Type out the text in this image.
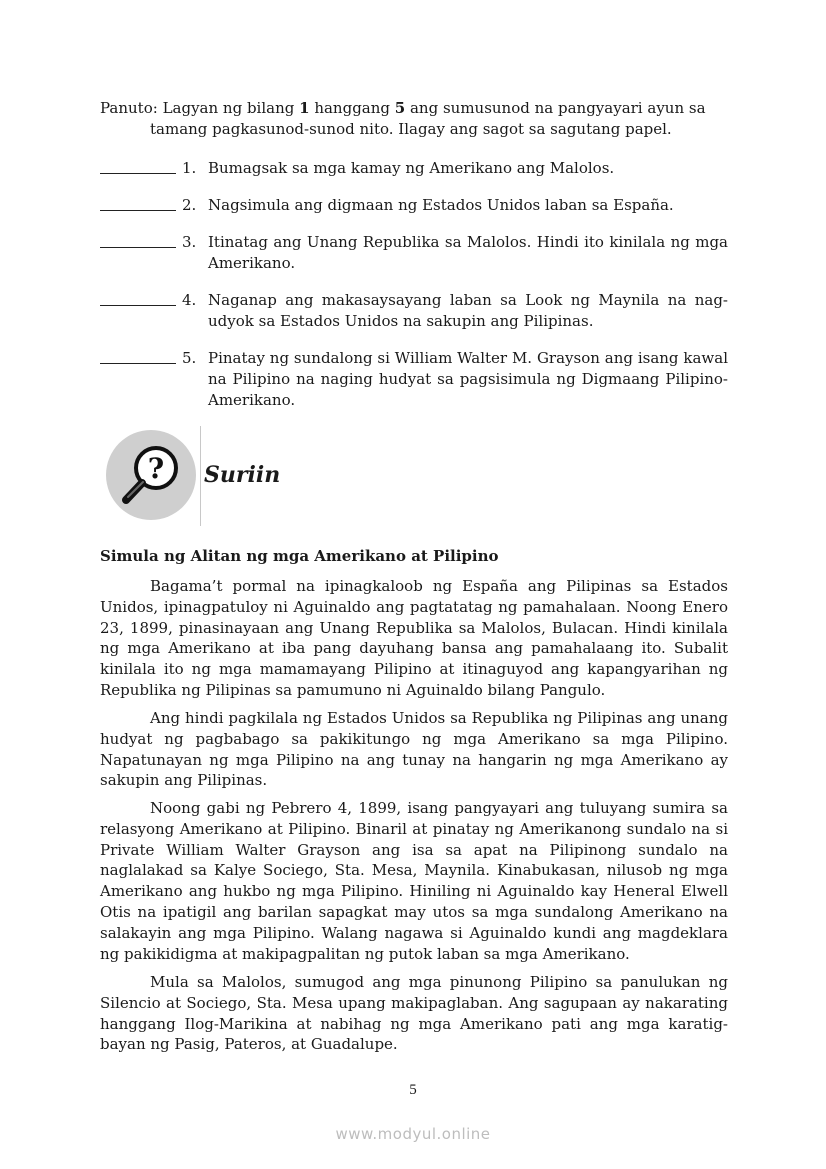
Panuto: Lagyan ng bilang 1 hanggang 5 ang sumusunod na pangyayari ayun sa
tamang pagkasunod-sunod nito. Ilagay ang sagot sa sagutang papel.
1. Bumagsak sa mga kamay ng Amerikano ang Malolos.
2. Nagsimula ang digmaan ng Estados Unidos laban sa España.
3. Itinatag ang Unang Republika sa Malolos. Hindi ito kinilala ng mga Amerikano.
4. Naganap ang makasaysayang laban sa Look ng Maynila na nag-udyok sa Estados Unidos na sakupin ang Pilipinas.
5. Pinatay ng sundalong si William Walter M. Grayson ang isang kawal na Pilipino na naging hudyat sa pagsisimula ng Digmaang Pilipino-Amerikano.
? Suriin
Simula ng Alitan ng mga Amerikano at Pilipino

Bagama’t pormal na ipinagkaloob ng España ang Pilipinas sa Estados Unidos, ipinagpatuloy ni Aguinaldo ang pagtatatag ng pamahalaan. Noong Enero 23, 1899, pinasinayaan ang Unang Republika sa Malolos, Bulacan. Hindi kinilala ng mga Amerikano at iba pang dayuhang bansa ang pamahalaang ito. Subalit kinilala ito ng mga mamamayang Pilipino at itinaguyod ang kapangyarihan ng Republika ng Pilipinas sa pamumuno ni Aguinaldo bilang Pangulo.

Ang hindi pagkilala ng Estados Unidos sa Republika ng Pilipinas ang unang hudyat ng pagbabago sa pakikitungo ng mga Amerikano sa mga Pilipino. Napatunayan ng mga Pilipino na ang tunay na hangarin ng mga Amerikano ay sakupin ang Pilipinas.

Noong gabi ng Pebrero 4, 1899, isang pangyayari ang tuluyang sumira sa relasyong Amerikano at Pilipino. Binaril at pinatay ng Amerikanong sundalo na si Private William Walter Grayson ang isa sa apat na Pilipinong sundalo na naglalakad sa Kalye Sociego, Sta. Mesa, Maynila. Kinabukasan, nilusob ng mga Amerikano ang hukbo ng mga Pilipino. Hiniling ni Aguinaldo kay Heneral Elwell Otis na ipatigil ang barilan sapagkat may utos sa mga sundalong Amerikano na salakayin ang mga Pilipino. Walang nagawa si Aguinaldo kundi ang magdeklara ng pakikidigma at makipagpalitan ng putok laban sa mga Amerikano.

Mula sa Malolos, sumugod ang mga pinunong Pilipino sa panulukan ng Silencio at Sociego, Sta. Mesa upang makipaglaban. Ang sagupaan ay nakarating hanggang Ilog-Marikina at nabihag ng mga Amerikano pati ang mga karatig-bayan ng Pasig, Pateros, at Guadalupe.

5
www.modyul.online
